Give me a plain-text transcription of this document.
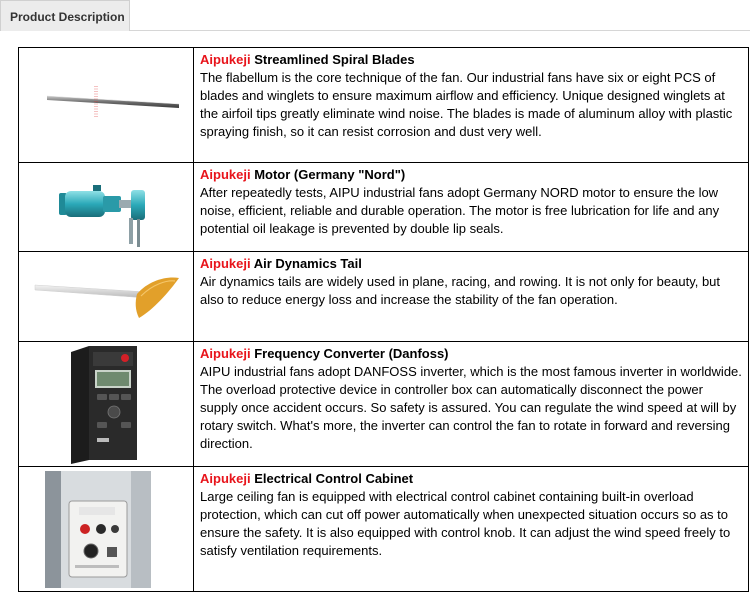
Product Description

Aipukeji Streamlined Spiral Blades

The flabellum is the core technique of the fan. Our industrial fans have six or eight PCS of blades and winglets to ensure maximum airflow and efficiency. Unique designed winglets at the airfoil tips greatly eliminate wind noise. The blades is made of aluminum alloy with plastic spraying finish, so it can resist corrosion and dust very well.

Aipukeji Motor (Germany "Nord")

After repeatedly tests, AIPU industrial fans adopt Germany NORD motor to ensure the low noise, efficient, reliable and durable operation. The motor is free lubrication for life and any potential oil leakage is prevented by double lip seals.

Aipukeji Air Dynamics Tail

Air dynamics tails are widely used in plane, racing, and rowing. It is not only for beauty, but also to reduce energy loss and increase the stability of the fan operation.

Aipukeji Frequency Converter (Danfoss)

AIPU industrial fans adopt DANFOSS inverter, which is the most famous inverter in worldwide. The overload protective device in controller box can automatically disconnect the power supply once accident occurs. So safety is assured. You can regulate the wind speed at will by rotary switch. What's more, the inverter can control the fan to rotate in forward and reversing direction.

Aipukeji Electrical Control Cabinet

Large ceiling fan is equipped with electrical control cabinet containing built-in overload protection, which can cut off power automatically when unexpected situation occurs so as to ensure the safety. It is also equipped with control knob. It can adjust the wind speed freely to satisfy ventilation requirements.
